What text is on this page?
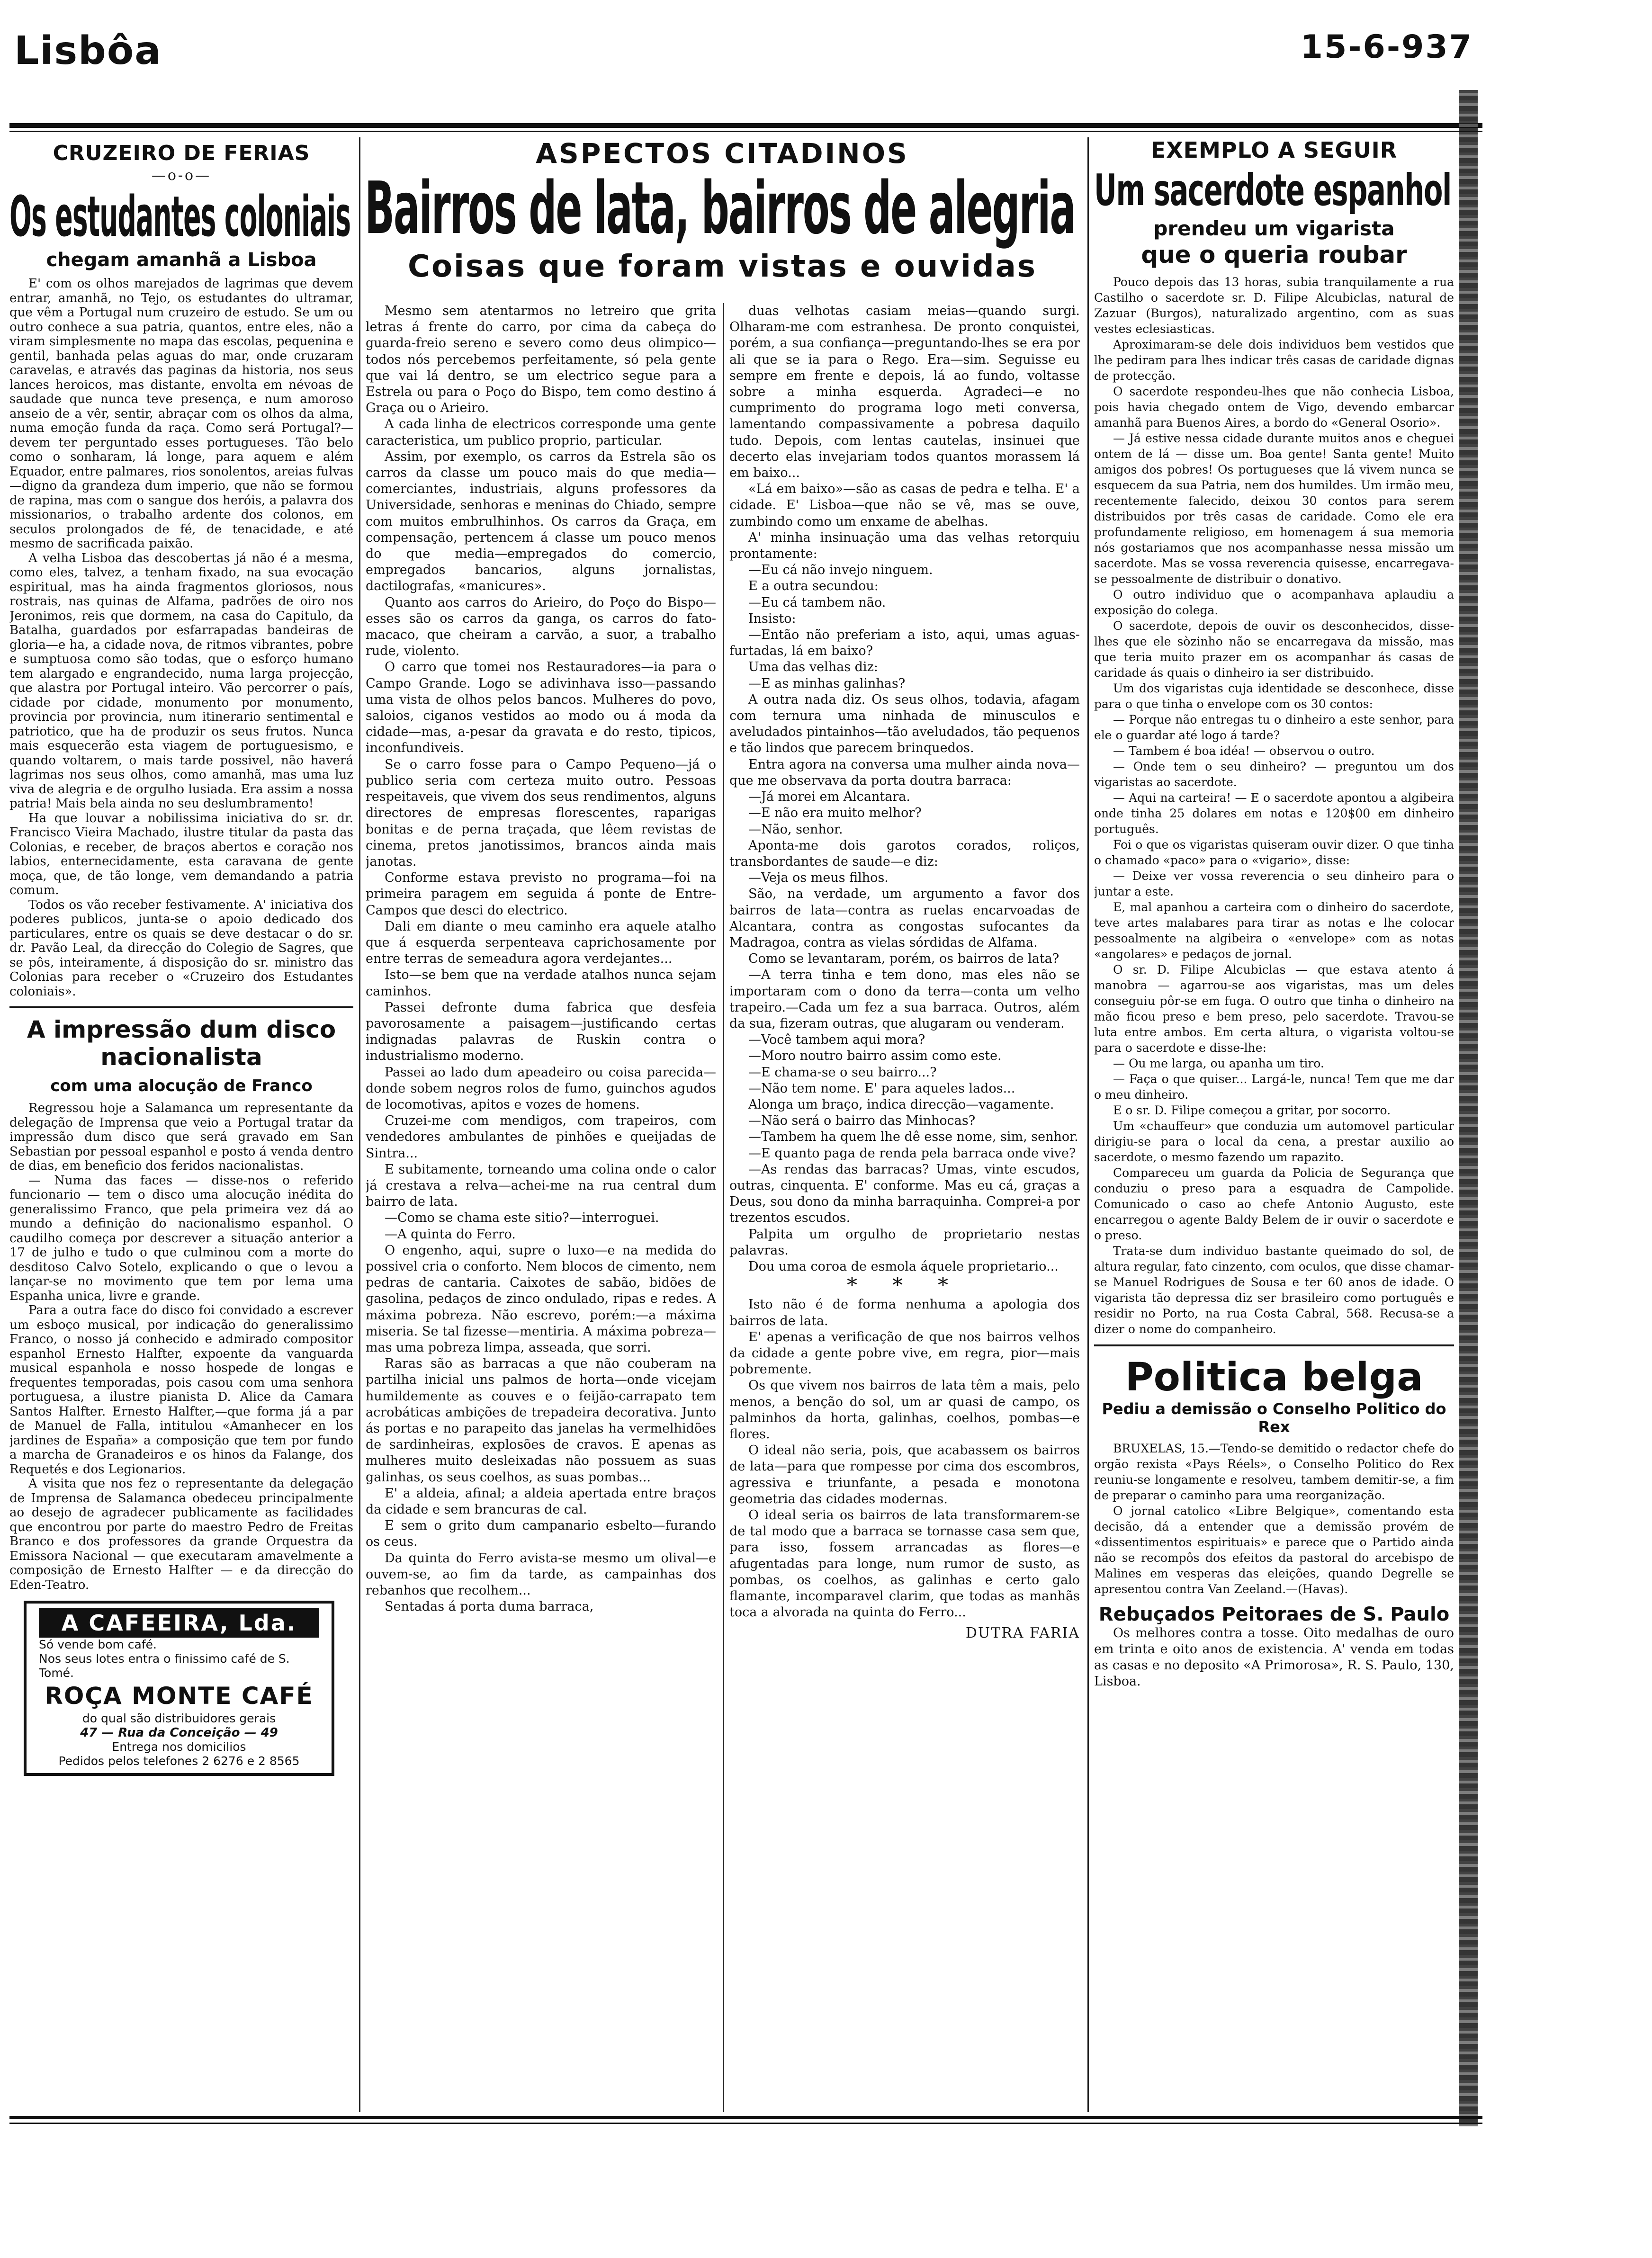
Lisbôa	15-6-937
CRUZEIRO DE FERIAS
—o-o—
Os estudantes coloniais
chegam amanhã a Lisboa

E' com os olhos marejados de lagrimas que devem entrar, amanhã, no Tejo, os estudantes do ultramar, que vêm a Portugal num cruzeiro de estudo. Se um ou outro conhece a sua patria, quantos, entre eles, não a viram simplesmente no mapa das escolas, pequenina e gentil, banhada pelas aguas do mar, onde cruzaram caravelas, e através das paginas da historia, nos seus lances heroicos, mas distante, envolta em névoas de saudade que nunca teve presença, e num amoroso anseio de a vêr, sentir, abraçar com os olhos da alma, numa emoção funda da raça. Como será Portugal?—devem ter perguntado esses portugueses. Tão belo como o sonharam, lá longe, para aquem e além Equador, entre palmares, rios sonolentos, areias fulvas—digno da grandeza dum imperio, que não se formou de rapina, mas com o sangue dos heróis, a palavra dos missionarios, o trabalho ardente dos colonos, em seculos prolongados de fé, de tenacidade, e até mesmo de sacrificada paixão.

A velha Lisboa das descobertas já não é a mesma, como eles, talvez, a tenham fixado, na sua evocação espiritual, mas ha ainda fragmentos gloriosos, nous rostrais, nas quinas de Alfama, padrões de oiro nos Jeronimos, reis que dormem, na casa do Capitulo, da Batalha, guardados por esfarrapadas bandeiras de gloria—e ha, a cidade nova, de ritmos vibrantes, pobre e sumptuosa como são todas, que o esforço humano tem alargado e engrandecido, numa larga projecção, que alastra por Portugal inteiro. Vão percorrer o país, cidade por cidade, monumento por monumento, provincia por provincia, num itinerario sentimental e patriotico, que ha de produzir os seus frutos. Nunca mais esquecerão esta viagem de portuguesismo, e quando voltarem, o mais tarde possivel, não haverá lagrimas nos seus olhos, como amanhã, mas uma luz viva de alegria e de orgulho lusiada. Era assim a nossa patria! Mais bela ainda no seu deslumbramento!

Ha que louvar a nobilissima iniciativa do sr. dr. Francisco Vieira Machado, ilustre titular da pasta das Colonias, e receber, de braços abertos e coração nos labios, enternecidamente, esta caravana de gente moça, que, de tão longe, vem demandando a patria comum.

Todos os vão receber festivamente. A' iniciativa dos poderes publicos, junta-se o apoio dedicado dos particulares, entre os quais se deve destacar o do sr. dr. Pavão Leal, da direcção do Colegio de Sagres, que se pôs, inteiramente, á disposição do sr. ministro das Colonias para receber o «Cruzeiro dos Estudantes coloniais».

A impressão dum disco nacionalista
com uma alocução de Franco

Regressou hoje a Salamanca um representante da delegação de Imprensa que veio a Portugal tratar da impressão dum disco que será gravado em San Sebastian por pessoal espanhol e posto á venda dentro de dias, em beneficio dos feridos nacionalistas.

— Numa das faces — disse-nos o referido funcionario — tem o disco uma alocução inédita do generalissimo Franco, que pela primeira vez dá ao mundo a definição do nacionalismo espanhol. O caudilho começa por descrever a situação anterior a 17 de julho e tudo o que culminou com a morte do desditoso Calvo Sotelo, explicando o que o levou a lançar-se no movimento que tem por lema uma Espanha unica, livre e grande.

Para a outra face do disco foi convidado a escrever um esboço musical, por indicação do generalissimo Franco, o nosso já conhecido e admirado compositor espanhol Ernesto Halfter, expoente da vanguarda musical espanhola e nosso hospede de longas e frequentes temporadas, pois casou com uma senhora portuguesa, a ilustre pianista D. Alice da Camara Santos Halfter. Ernesto Halfter,—que forma já a par de Manuel de Falla, intitulou «Amanhecer en los jardines de España» a composição que tem por fundo a marcha de Granadeiros e os hinos da Falange, dos Requetés e dos Legionarios.

A visita que nos fez o representante da delegação de Imprensa de Salamanca obedeceu principalmente ao desejo de agradecer publicamente as facilidades que encontrou por parte do maestro Pedro de Freitas Branco e dos professores da grande Orquestra da Emissora Nacional — que executaram amavelmente a composição de Ernesto Halfter — e da direcção do Eden-Teatro.

A CAFEEIRA, Lda.
Só vende bom café.
Nos seus lotes entra o finissimo café de S. Tomé.
ROÇA MONTE CAFÉ
do qual são distribuidores gerais
47 — Rua da Conceição — 49
Entrega nos domicilios
Pedidos pelos telefones 2 6276 e 2 8565
ASPECTOS CITADINOS
Bairros de lata, bairros de alegria
Coisas que foram vistas e ouvidas

Mesmo sem atentarmos no letreiro que grita letras á frente do carro, por cima da cabeça do guarda-freio sereno e severo como deus olimpico—todos nós percebemos perfeitamente, só pela gente que vai lá dentro, se um electrico segue para a Estrela ou para o Poço do Bispo, tem como destino á Graça ou o Arieiro.

A cada linha de electricos corresponde uma gente caracteristica, um publico proprio, particular.

Assim, por exemplo, os carros da Estrela são os carros da classe um pouco mais do que media—comerciantes, industriais, alguns professores da Universidade, senhoras e meninas do Chiado, sempre com muitos embrulhinhos. Os carros da Graça, em compensação, pertencem á classe um pouco menos do que media—empregados do comercio, empregados bancarios, alguns jornalistas, dactilografas, «manicures».

Quanto aos carros do Arieiro, do Poço do Bispo—esses são os carros da ganga, os carros do fato-macaco, que cheiram a carvão, a suor, a trabalho rude, violento.

O carro que tomei nos Restauradores—ia para o Campo Grande. Logo se adivinhava isso—passando uma vista de olhos pelos bancos. Mulheres do povo, saloios, ciganos vestidos ao modo ou á moda da cidade—mas, a-pesar da gravata e do resto, tipicos, inconfundiveis.

Se o carro fosse para o Campo Pequeno—já o publico seria com certeza muito outro. Pessoas respeitaveis, que vivem dos seus rendimentos, alguns directores de empresas florescentes, raparigas bonitas e de perna traçada, que lêem revistas de cinema, pretos janotissimos, brancos ainda mais janotas.

Conforme estava previsto no programa—foi na primeira paragem em seguida á ponte de Entre-Campos que desci do electrico.

Dali em diante o meu caminho era aquele atalho que á esquerda serpenteava caprichosamente por entre terras de semeadura agora verdejantes...

Isto—se bem que na verdade atalhos nunca sejam caminhos.

Passei defronte duma fabrica que desfeia pavorosamente a paisagem—justificando certas indignadas palavras de Ruskin contra o industrialismo moderno.

Passei ao lado dum apeadeiro ou coisa parecida—donde sobem negros rolos de fumo, guinchos agudos de locomotivas, apitos e vozes de homens.

Cruzei-me com mendigos, com trapeiros, com vendedores ambulantes de pinhões e queijadas de Sintra...

E subitamente, torneando uma colina onde o calor já crestava a relva—achei-me na rua central dum bairro de lata.

—Como se chama este sitio?—interroguei.

—A quinta do Ferro.

O engenho, aqui, supre o luxo—e na medida do possivel cria o conforto. Nem blocos de cimento, nem pedras de cantaria. Caixotes de sabão, bidões de gasolina, pedaços de zinco ondulado, ripas e redes. A máxima pobreza. Não escrevo, porém:—a máxima miseria. Se tal fizesse—mentiria. A máxima pobreza—mas uma pobreza limpa, asseada, que sorri.

Raras são as barracas a que não couberam na partilha inicial uns palmos de horta—onde vicejam humildemente as couves e o feijão-carrapato tem acrobáticas ambições de trepadeira decorativa. Junto ás portas e no parapeito das janelas ha vermelhidões de sardinheiras, explosões de cravos. E apenas as mulheres muito desleixadas não possuem as suas galinhas, os seus coelhos, as suas pombas...

E' a aldeia, afinal; a aldeia apertada entre braços da cidade e sem brancuras de cal.

E sem o grito dum campanario esbelto—furando os ceus.

Da quinta do Ferro avista-se mesmo um olival—e ouvem-se, ao fim da tarde, as campainhas dos rebanhos que recolhem...

Sentadas á porta duma barraca,

duas velhotas casiam meias—quando surgi. Olharam-me com estranhesa. De pronto conquistei, porém, a sua confiança—preguntando-lhes se era por ali que se ia para o Rego. Era—sim. Seguisse eu sempre em frente e depois, lá ao fundo, voltasse sobre a minha esquerda. Agradeci—e no cumprimento do programa logo meti conversa, lamentando compassivamente a pobresa daquilo tudo. Depois, com lentas cautelas, insinuei que decerto elas invejariam todos quantos morassem lá em baixo...

«Lá em baixo»—são as casas de pedra e telha. E' a cidade. E' Lisboa—que não se vê, mas se ouve, zumbindo como um enxame de abelhas.

A' minha insinuação uma das velhas retorquiu prontamente:

—Eu cá não invejo ninguem.

E a outra secundou:

—Eu cá tambem não.

Insisto:

—Então não preferiam a isto, aqui, umas aguas-furtadas, lá em baixo?

Uma das velhas diz:

—E as minhas galinhas?

A outra nada diz. Os seus olhos, todavia, afagam com ternura uma ninhada de minusculos e aveludados pintainhos—tão aveludados, tão pequenos e tão lindos que parecem brinquedos.

Entra agora na conversa uma mulher ainda nova—que me observava da porta doutra barraca:

—Já morei em Alcantara.

—E não era muito melhor?

—Não, senhor.

Aponta-me dois garotos corados, roliços, transbordantes de saude—e diz:

—Veja os meus filhos.

São, na verdade, um argumento a favor dos bairros de lata—contra as ruelas encarvoadas de Alcantara, contra as congostas sufocantes da Madragoa, contra as vielas sórdidas de Alfama.

Como se levantaram, porém, os bairros de lata?

—A terra tinha e tem dono, mas eles não se importaram com o dono da terra—conta um velho trapeiro.—Cada um fez a sua barraca. Outros, além da sua, fizeram outras, que alugaram ou venderam.

—Você tambem aqui mora?

—Moro noutro bairro assim como este.

—E chama-se o seu bairro...?

—Não tem nome. E' para aqueles lados...

Alonga um braço, indica direcção—vagamente.

—Não será o bairro das Minhocas?

—Tambem ha quem lhe dê esse nome, sim, senhor.

—E quanto paga de renda pela barraca onde vive?

—As rendas das barracas? Umas, vinte escudos, outras, cinquenta. E' conforme. Mas eu cá, graças a Deus, sou dono da minha barraquinha. Comprei-a por trezentos escudos.

Palpita um orgulho de proprietario nestas palavras.

Dou uma coroa de esmola áquele proprietario...

* * *

Isto não é de forma nenhuma a apologia dos bairros de lata.

E' apenas a verificação de que nos bairros velhos da cidade a gente pobre vive, em regra, pior—mais pobremente.

Os que vivem nos bairros de lata têm a mais, pelo menos, a benção do sol, um ar quasi de campo, os palminhos da horta, galinhas, coelhos, pombas—e flores.

O ideal não seria, pois, que acabassem os bairros de lata—para que rompesse por cima dos escombros, agressiva e triunfante, a pesada e monotona geometria das cidades modernas.

O ideal seria os bairros de lata transformarem-se de tal modo que a barraca se tornasse casa sem que, para isso, fossem arrancadas as flores—e afugentadas para longe, num rumor de susto, as pombas, os coelhos, as galinhas e certo galo flamante, incomparavel clarim, que todas as manhãs toca a alvorada na quinta do Ferro...

DUTRA FARIA
EXEMPLO A SEGUIR
Um sacerdote espanhol
prendeu um vigarista
que o queria roubar

Pouco depois das 13 horas, subia tranquilamente a rua Castilho o sacerdote sr. D. Filipe Alcubiclas, natural de Zazuar (Burgos), naturalizado argentino, com as suas vestes eclesiasticas.

Aproximaram-se dele dois individuos bem vestidos que lhe pediram para lhes indicar três casas de caridade dignas de protecção.

O sacerdote respondeu-lhes que não conhecia Lisboa, pois havia chegado ontem de Vigo, devendo embarcar amanhã para Buenos Aires, a bordo do «General Osorio».

— Já estive nessa cidade durante muitos anos e cheguei ontem de lá — disse um. Boa gente! Santa gente! Muito amigos dos pobres! Os portugueses que lá vivem nunca se esquecem da sua Patria, nem dos humildes. Um irmão meu, recentemente falecido, deixou 30 contos para serem distribuidos por três casas de caridade. Como ele era profundamente religioso, em homenagem á sua memoria nós gostariamos que nos acompanhasse nessa missão um sacerdote. Mas se vossa reverencia quisesse, encarregava-se pessoalmente de distribuir o donativo.

O outro individuo que o acompanhava aplaudiu a exposição do colega.

O sacerdote, depois de ouvir os desconhecidos, disse-lhes que ele sòzinho não se encarregava da missão, mas que teria muito prazer em os acompanhar ás casas de caridade ás quais o dinheiro ia ser distribuido.

Um dos vigaristas cuja identidade se desconhece, disse para o que tinha o envelope com os 30 contos:

— Porque não entregas tu o dinheiro a este senhor, para ele o guardar até logo á tarde?

— Tambem é boa idéa! — observou o outro.

— Onde tem o seu dinheiro? — preguntou um dos vigaristas ao sacerdote.

— Aqui na carteira! — E o sacerdote apontou a algibeira onde tinha 25 dolares em notas e 120$00 em dinheiro português.

Foi o que os vigaristas quiseram ouvir dizer. O que tinha o chamado «paco» para o «vigario», disse:

— Deixe ver vossa reverencia o seu dinheiro para o juntar a este.

E, mal apanhou a carteira com o dinheiro do sacerdote, teve artes malabares para tirar as notas e lhe colocar pessoalmente na algibeira o «envelope» com as notas «angolares» e pedaços de jornal.

O sr. D. Filipe Alcubiclas — que estava atento á manobra — agarrou-se aos vigaristas, mas um deles conseguiu pôr-se em fuga. O outro que tinha o dinheiro na mão ficou preso e bem preso, pelo sacerdote. Travou-se luta entre ambos. Em certa altura, o vigarista voltou-se para o sacerdote e disse-lhe:

— Ou me larga, ou apanha um tiro.

— Faça o que quiser... Largá-le, nunca! Tem que me dar o meu dinheiro.

E o sr. D. Filipe começou a gritar, por socorro.

Um «chauffeur» que conduzia um automovel particular dirigiu-se para o local da cena, a prestar auxilio ao sacerdote, o mesmo fazendo um rapazito.

Compareceu um guarda da Policia de Segurança que conduziu o preso para a esquadra de Campolide. Comunicado o caso ao chefe Antonio Augusto, este encarregou o agente Baldy Belem de ir ouvir o sacerdote e o preso.

Trata-se dum individuo bastante queimado do sol, de altura regular, fato cinzento, com oculos, que disse chamar-se Manuel Rodrigues de Sousa e ter 60 anos de idade. O vigarista tão depressa diz ser brasileiro como português e residir no Porto, na rua Costa Cabral, 568. Recusa-se a dizer o nome do companheiro.

Politica belga
Pediu a demissão o Conselho Politico do Rex

BRUXELAS, 15.—Tendo-se demitido o redactor chefe do orgão rexista «Pays Réels», o Conselho Politico do Rex reuniu-se longamente e resolveu, tambem demitir-se, a fim de preparar o caminho para uma reorganização.

O jornal catolico «Libre Belgique», comentando esta decisão, dá a entender que a demissão provém de «dissentimentos espirituais» e parece que o Partido ainda não se recompôs dos efeitos da pastoral do arcebispo de Malines em vesperas das eleições, quando Degrelle se apresentou contra Van Zeeland.—(Havas).

Rebuçados Peitoraes de S. Paulo

Os melhores contra a tosse. Oito medalhas de ouro em trinta e oito anos de existencia. A' venda em todas as casas e no deposito «A Primorosa», R. S. Paulo, 130, Lisboa.
